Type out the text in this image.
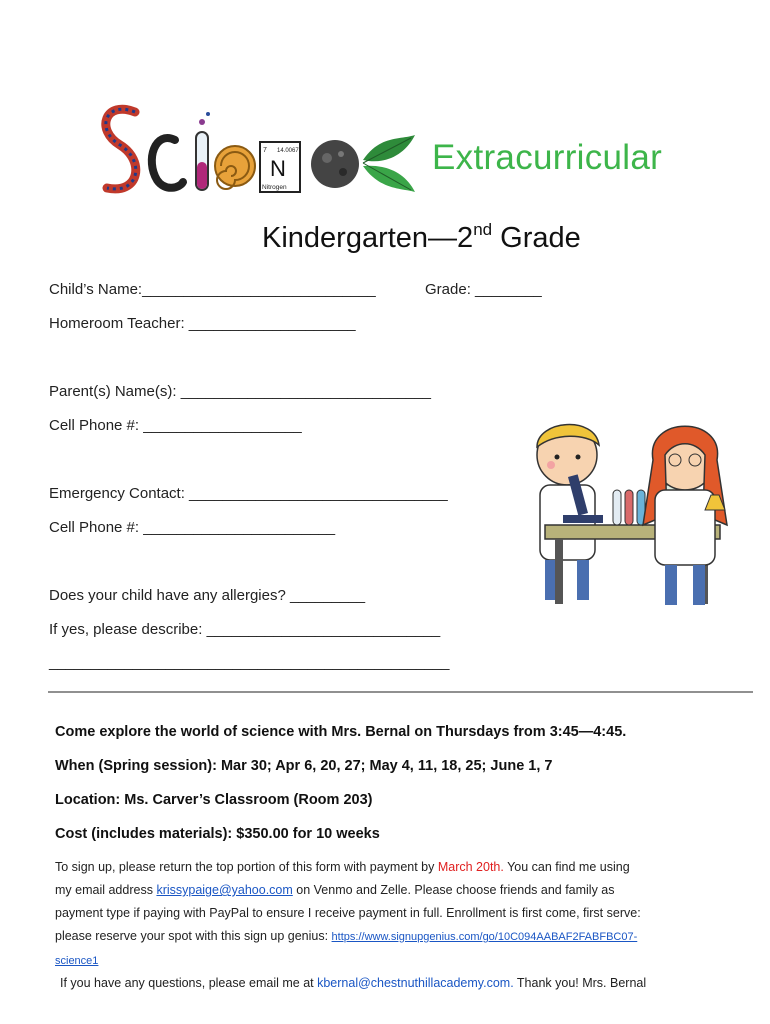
7 14.0067
N
Nitrogen
Extracurricular
Kindergarten—2nd Grade
Child’s Name:____________________________	Grade: ________
Homeroom Teacher: ____________________
Parent(s) Name(s): ______________________________
Cell Phone #: ___________________
Emergency Contact: _______________________________
Cell Phone #: _______________________
Does your child have any allergies? _________
If yes, please describe: ____________________________
________________________________________________
———————————————————————————————————————————————
Come explore the world of science with Mrs. Bernal on Thursdays from 3:45—4:45.
When (Spring session): Mar 30; Apr 6, 20, 27; May 4, 11, 18, 25; June 1, 7
Location: Ms. Carver’s Classroom (Room 203)
Cost (includes materials): $350.00 for 10 weeks
To sign up, please return the top portion of this form with payment by March 20th. You can find me using
my email address krissypaige@yahoo.com on Venmo and Zelle. Please choose friends and family as
payment type if paying with PayPal to ensure I receive payment in full. Enrollment is first come, first serve:
please reserve your spot with this sign up genius: https://www.signupgenius.com/go/10C094AABAF2FABFBC07-
science1
If you have any questions, please email me at kbernal@chestnuthillacademy.com. Thank you! Mrs. Bernal
